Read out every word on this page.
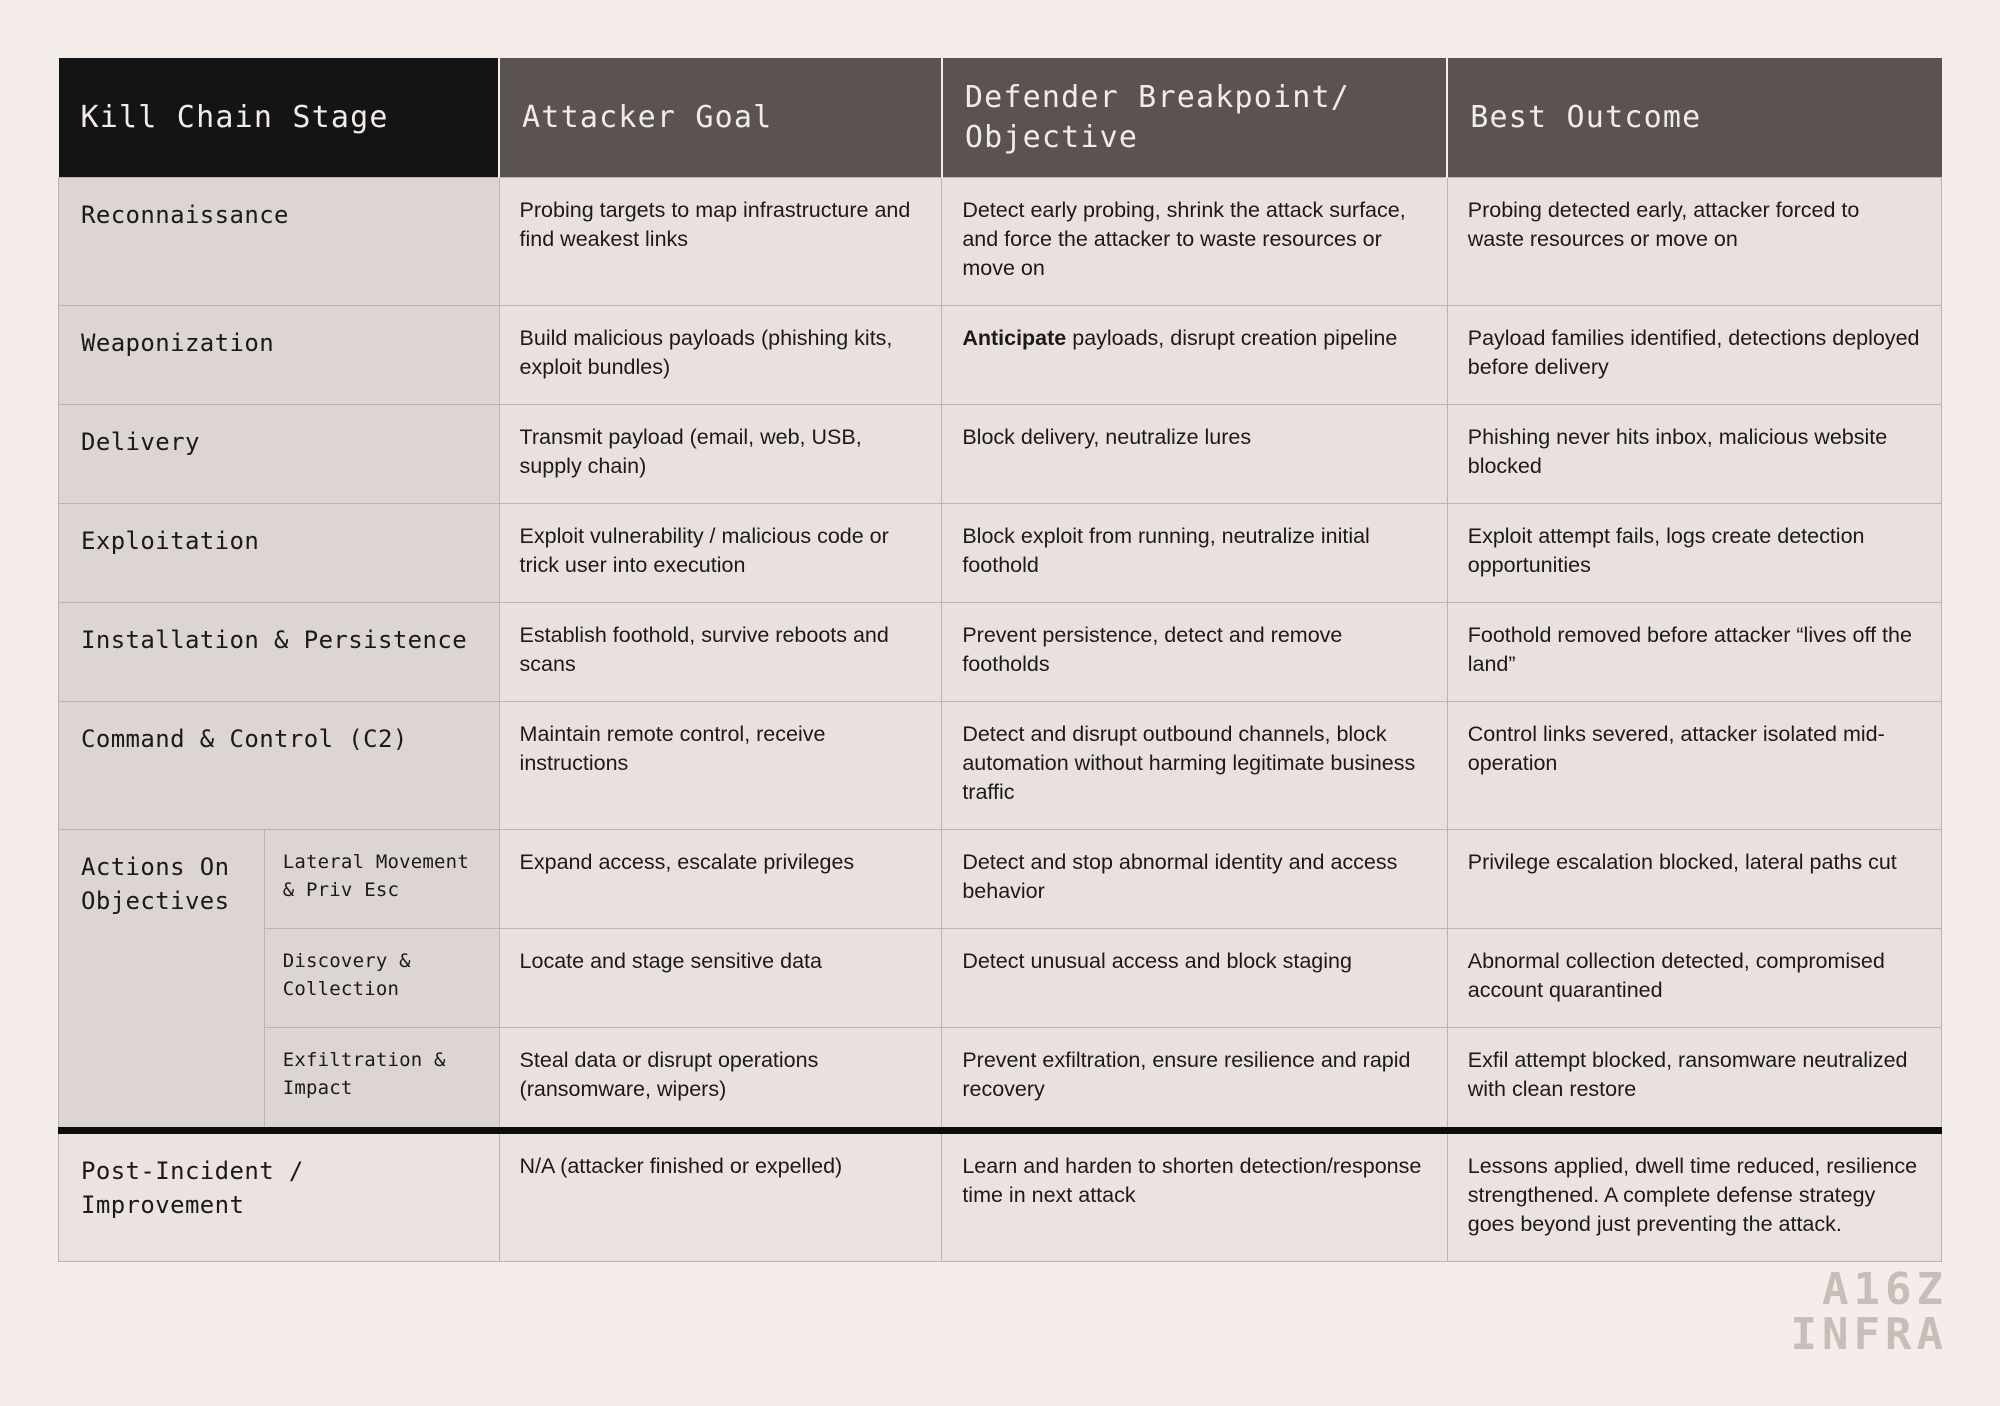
Kill Chain Stage		Attacker Goal	Defender Breakpoint/ Objective	Best Outcome
Reconnaissance		Probing targets to map infrastructure and find weakest links	Detect early probing, shrink the attack surface, and force the attacker to waste resources or move on	Probing detected early, attacker forced to waste resources or move on
Weaponization		Build malicious payloads (phishing kits, exploit bundles)	Anticipate payloads, disrupt creation pipeline	Payload families identified, detections deployed before delivery
Delivery		Transmit payload (email, web, USB, supply chain)	Block delivery, neutralize lures	Phishing never hits inbox, malicious website blocked
Exploitation		Exploit vulnerability / malicious code or trick user into execution	Block exploit from running, neutralize initial foothold	Exploit attempt fails, logs create detection opportunities
Installation & Persistence		Establish foothold, survive reboots and scans	Prevent persistence, detect and remove footholds	Foothold removed before attacker “lives off the land”
Command & Control (C2)		Maintain remote control, receive instructions	Detect and disrupt outbound channels, block automation without harming legitimate business traffic	Control links severed, attacker isolated mid-operation
Actions On Objectives	Lateral Movement & Priv Esc	Expand access, escalate privileges	Detect and stop abnormal identity and access behavior	Privilege escalation blocked, lateral paths cut
	Discovery & Collection	Locate and stage sensitive data	Detect unusual access and block staging	Abnormal collection detected, compromised account quarantined
	Exfiltration & Impact	Steal data or disrupt operations (ransomware, wipers)	Prevent exfiltration, ensure resilience and rapid recovery	Exfil attempt blocked, ransomware neutralized with clean restore
Post-Incident / Improvement		N/A (attacker finished or expelled)	Learn and harden to shorten detection/response time in next attack	Lessons applied, dwell time reduced, resilience strengthened. A complete defense strategy goes beyond just preventing the attack.
A16Z
INFRA
